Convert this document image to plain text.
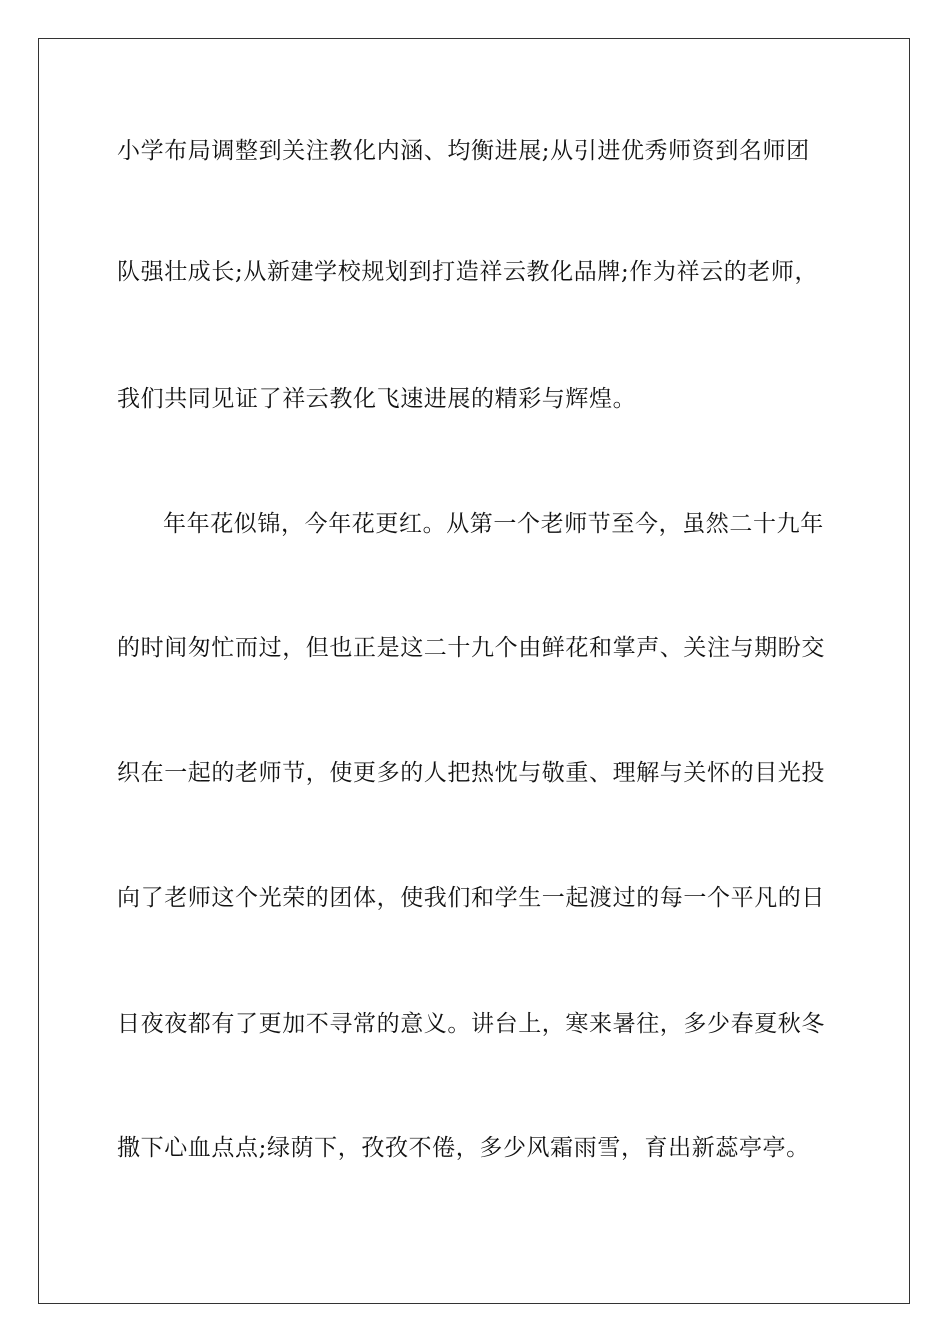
小学布局调整到关注教化内涵、均衡进展;从引进优秀师资到名师团
队强壮成长;从新建学校规划到打造祥云教化品牌;作为祥云的老师，
我们共同见证了祥云教化飞速进展的精彩与辉煌。
年年花似锦，今年花更红。从第一个老师节至今，虽然二十九年
的时间匆忙而过，但也正是这二十九个由鲜花和掌声、关注与期盼交
织在一起的老师节，使更多的人把热忱与敬重、理解与关怀的目光投
向了老师这个光荣的团体，使我们和学生一起渡过的每一个平凡的日
日夜夜都有了更加不寻常的意义。讲台上，寒来暑往，多少春夏秋冬
撒下心血点点;绿荫下，孜孜不倦，多少风霜雨雪，育出新蕊亭亭。
